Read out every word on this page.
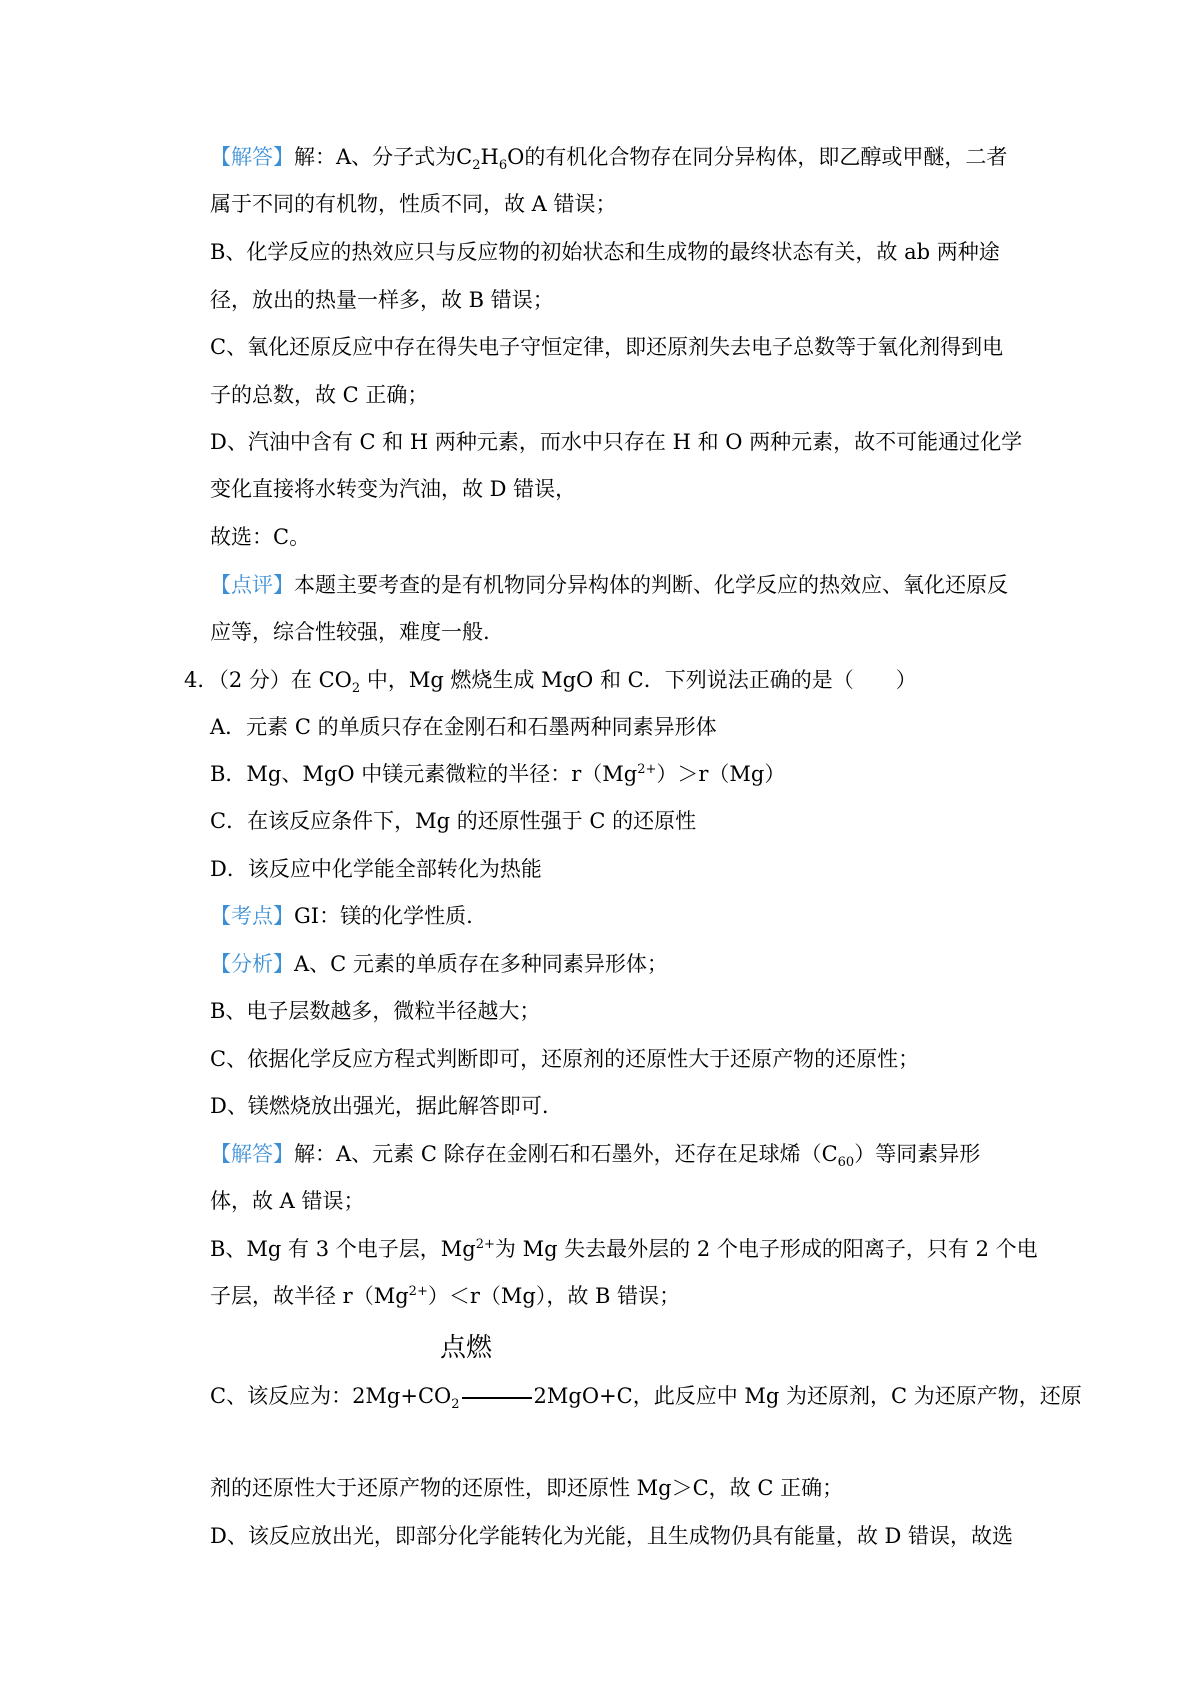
【解答】解：A、分子式为$C_2H_6O$的有机化合物存在同分异构体，即乙醇或甲醚，二者
属于不同的有机物，性质不同，故 A 错误；
B、化学反应的热效应只与反应物的初始状态和生成物的最终状态有关，故 ab 两种途
径，放出的热量一样多，故 B 错误；
C、氧化还原反应中存在得失电子守恒定律，即还原剂失去电子总数等于氧化剂得到电
子的总数，故 C 正确；
D、汽油中含有 C 和 H 两种元素，而水中只存在 H 和 O 两种元素，故不可能通过化学
变化直接将水转变为汽油，故 D 错误，
故选：C。
【点评】本题主要考查的是有机物同分异构体的判断、化学反应的热效应、氧化还原反
应等，综合性较强，难度一般.
4．（2 分）在 $CO_2$ 中，Mg 燃烧生成 MgO 和 C．下列说法正确的是（　　）
A．元素 C 的单质只存在金刚石和石墨两种同素异形体
B．Mg、MgO 中镁元素微粒的半径：$r(Mg^{2+})>r(Mg)$
C．在该反应条件下，Mg 的还原性强于 C 的还原性
D．该反应中化学能全部转化为热能
【考点】GI：镁的化学性质.
【分析】A、C 元素的单质存在多种同素异形体；
B、电子层数越多，微粒半径越大；
C、依据化学反应方程式判断即可，还原剂的还原性大于还原产物的还原性；
D、镁燃烧放出强光，据此解答即可.
【解答】解：A、元素 C 除存在金刚石和石墨外，还存在足球烯$(C_{60})$等同素异形
体，故 A 错误；
B、Mg 有 3 个电子层，$Mg^{2+}$为 Mg 失去最外层的 2 个电子形成的阳离子，只有 2 个电
子层，故半径 $r(Mg^{2+})<r(Mg)$，故 B 错误；
点燃
C、该反应为：$2Mg+CO_2$	2MgO+C，此反应中 Mg 为还原剂，C 为还原产物，还原
剂的还原性大于还原产物的还原性，即还原性 Mg＞C，故 C 正确；
D、该反应放出光，即部分化学能转化为光能，且生成物仍具有能量，故 D 错误，故选
